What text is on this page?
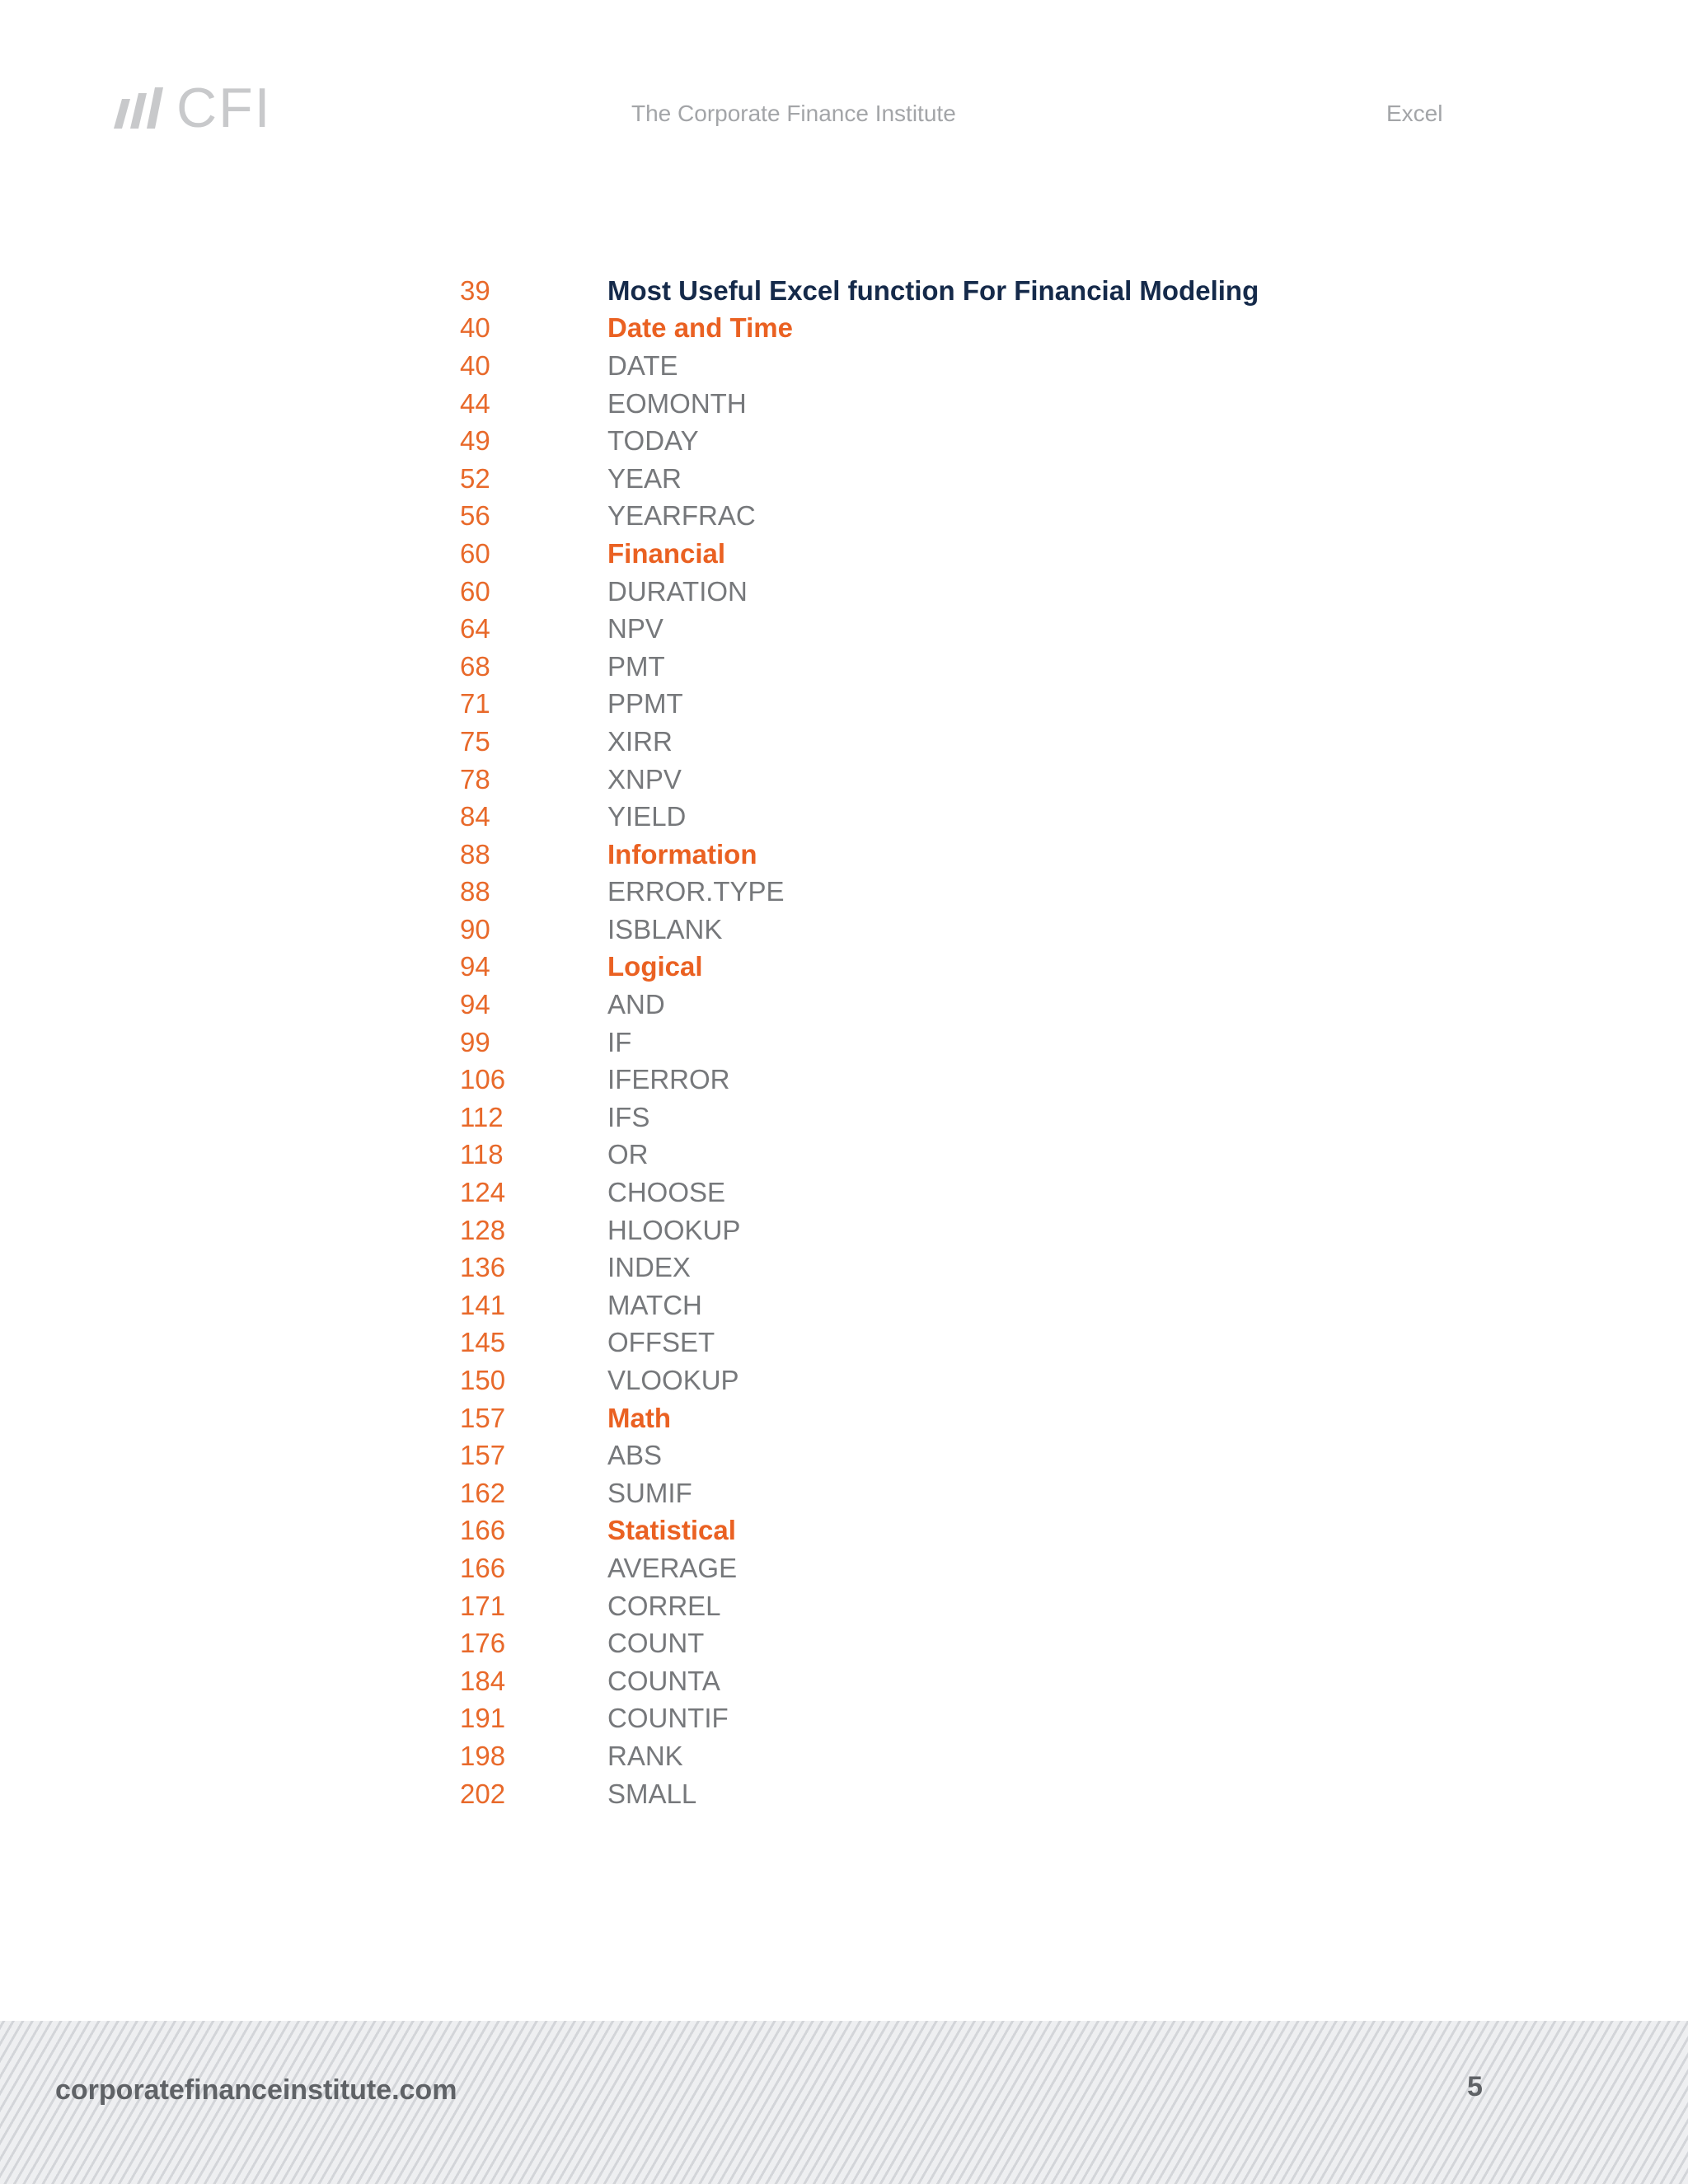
CFI	The Corporate Finance Institute	Excel
39	Most Useful Excel function For Financial Modeling
40	Date and Time
40	DATE
44	EOMONTH
49	TODAY
52	YEAR
56	YEARFRAC
60	Financial
60	DURATION
64	NPV
68	PMT
71	PPMT
75	XIRR
78	XNPV
84	YIELD
88	Information
88	ERROR.TYPE
90	ISBLANK
94	Logical
94	AND
99	IF
106	IFERROR
112	IFS
118	OR
124	CHOOSE
128	HLOOKUP
136	INDEX
141	MATCH
145	OFFSET
150	VLOOKUP
157	Math
157	ABS
162	SUMIF
166	Statistical
166	AVERAGE
171	CORREL
176	COUNT
184	COUNTA
191	COUNTIF
198	RANK
202	SMALL
corporatefinanceinstitute.com	5
